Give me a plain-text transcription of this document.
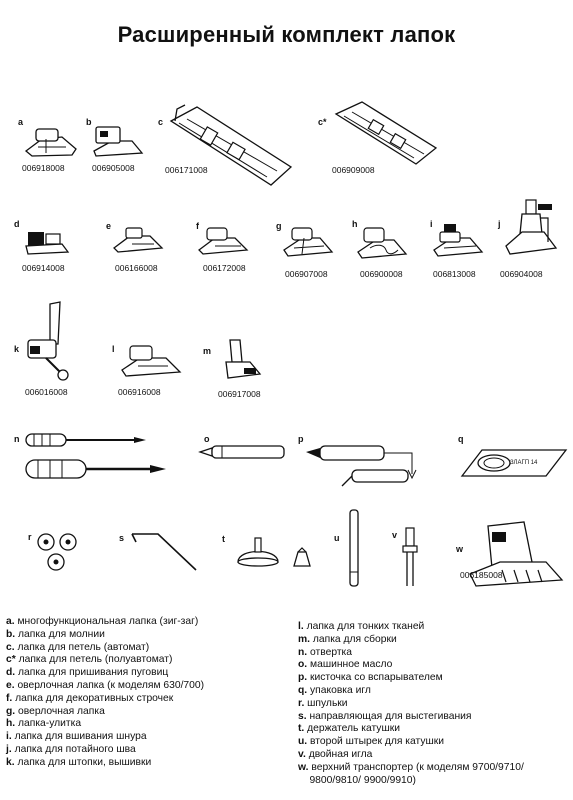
Расширенный комплект лапок
a
006918008
b
006905008
c
006171008
c*
006909008
d
006914008
e
006166008
f
006172008
g
006907008
h
006900008
i
006813008
j
006904008
k
006016008
l
006916008
m
006917008
n	o	p	q
ЗЛАГП 14
r	s	t	u	v
w
006185008
a. многофункциональная лапка (зиг-заг)
b. лапка для молнии
c. лапка для петель (автомат)
c* лапка для петель (полуавтомат)
d. лапка для пришивания пуговиц
e. оверлочная лапка (к моделям 630/700)
f. лапка для декоративных строчек
g. оверлочная лапка
h. лапка-улитка
i. лапка для вшивания шнура
j. лапка для потайного шва
k. лапка для штопки, вышивки
l. лапка для тонких тканей
m. лапка для сборки
n. отвертка
o. машинное масло
p. кисточка со вспарывателем
q. упаковка игл
r. шпульки
s. направляющая для выстегивания
t. держатель катушки
u. второй штырек для катушки
v. двойная игла
w. верхний транспортер (к моделям 9700/9710/
9800/9810/ 9900/9910)
